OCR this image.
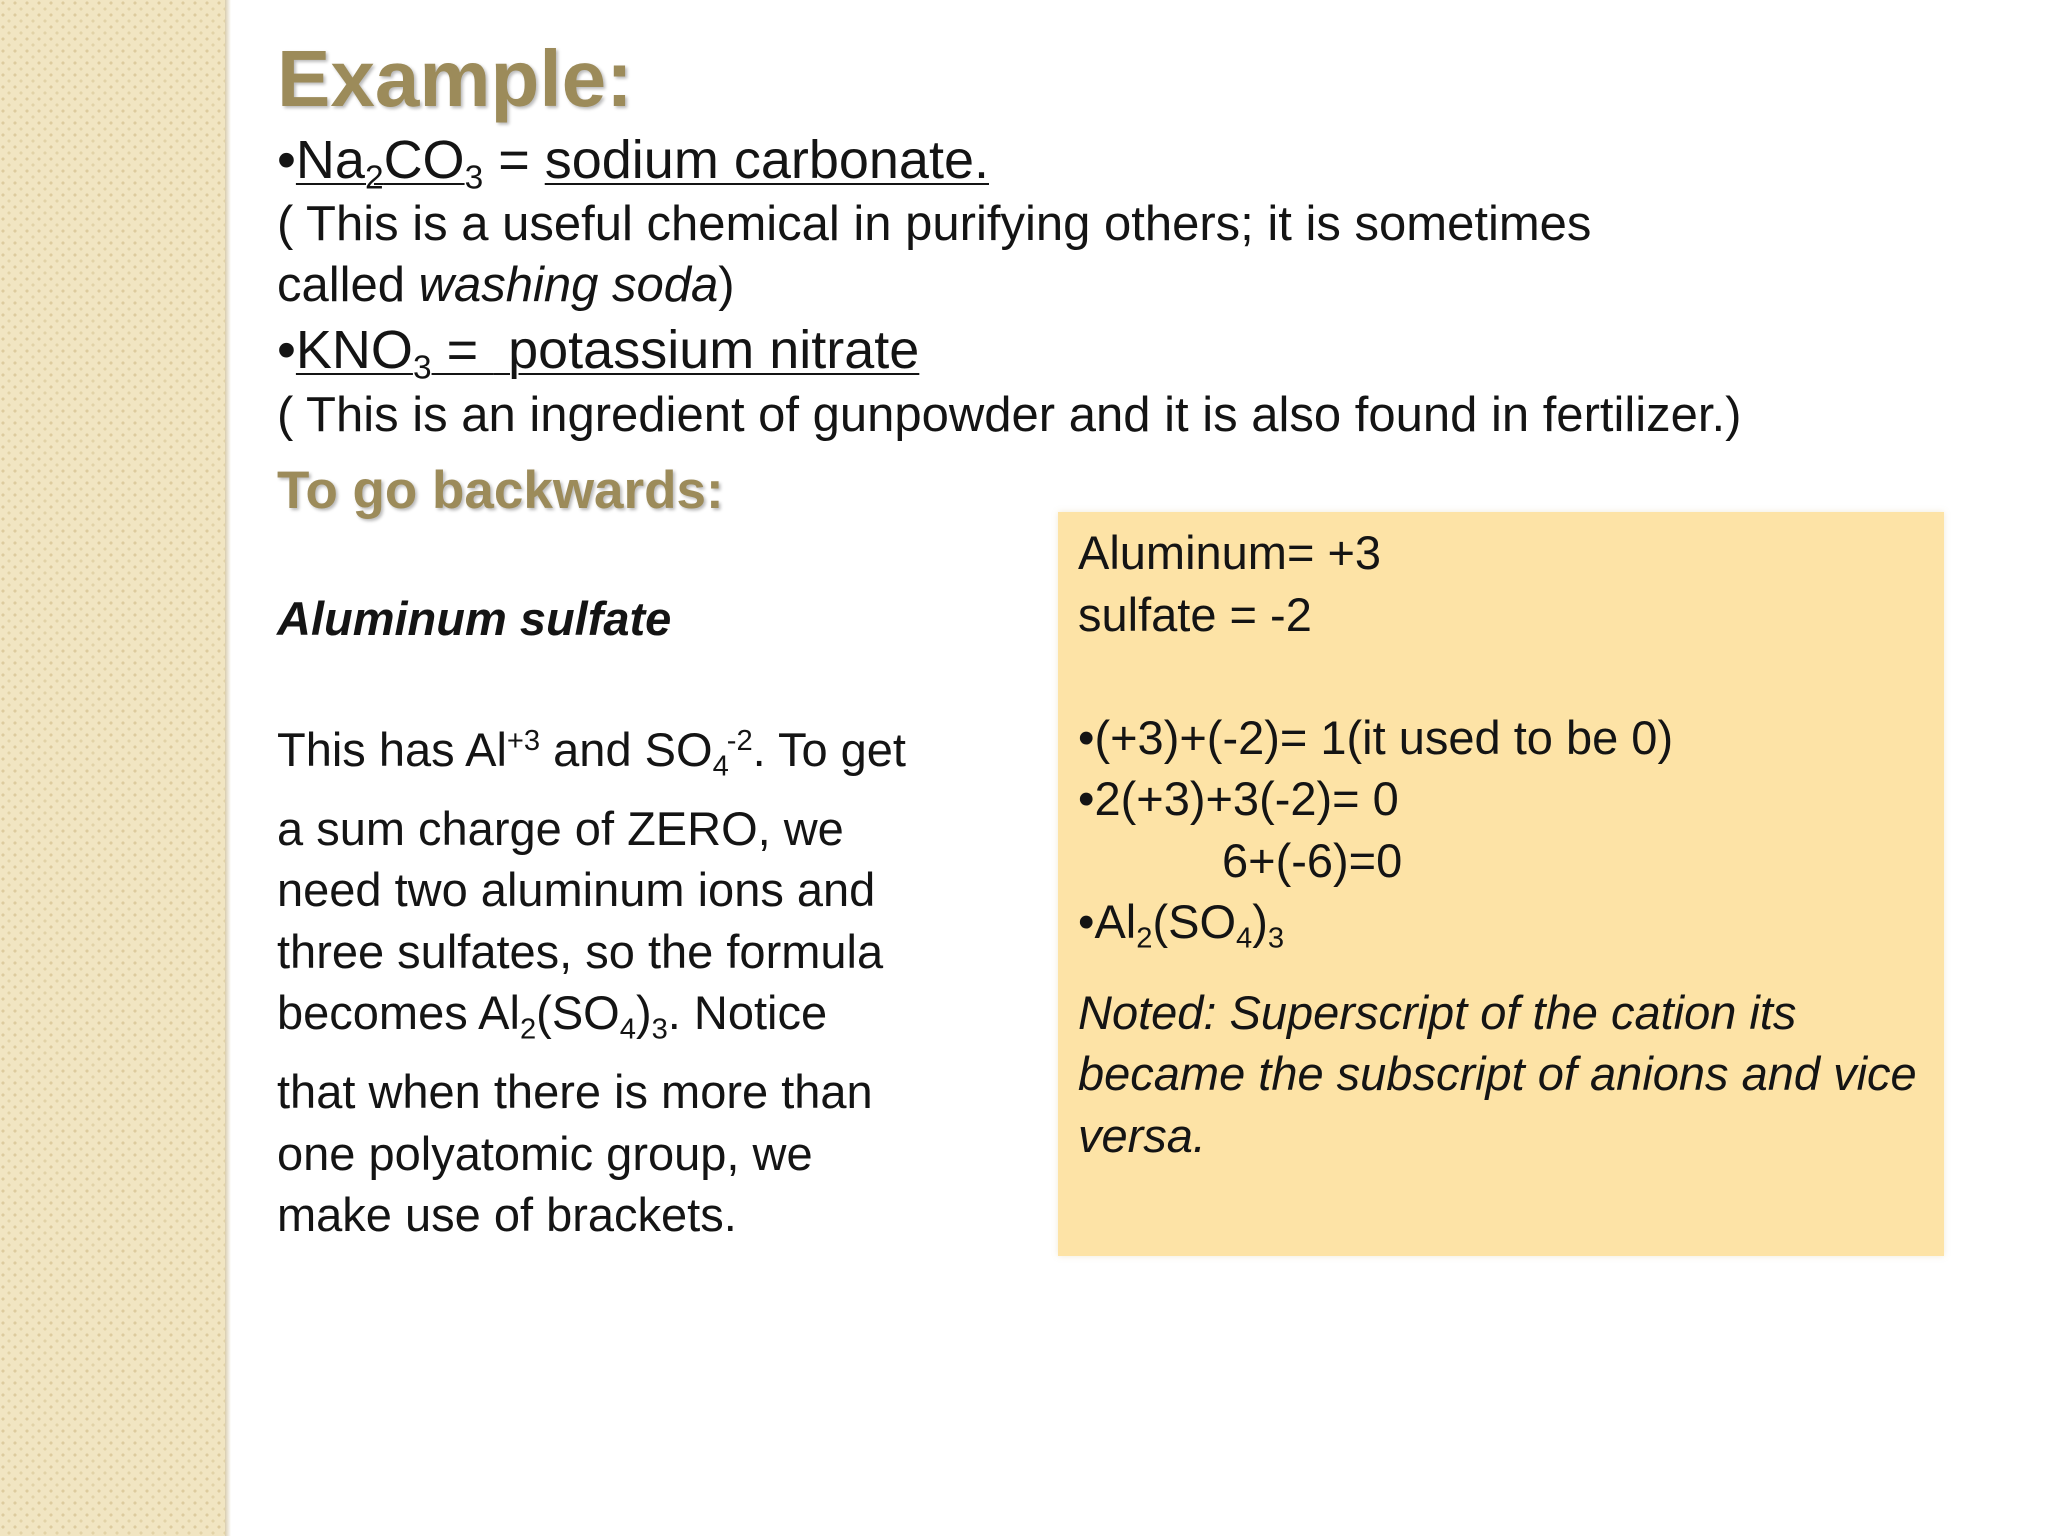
Example:

$•Na_2CO_3$ = sodium carbonate.

( This is a useful chemical in purifying others; it is sometimes

called washing soda)

$•KNO_3$ =  potassium nitrate

( This is an ingredient of gunpowder and it is also found in fertilizer.)

To go backwards:

Aluminum sulfate

This has $Al^{+3}$ and $SO_4^{-2}$. To get a sum charge of ZERO, we need two aluminum ions and three sulfates, so the formula becomes $Al_2(SO_4)_3$. Notice that when there is more than one polyatomic group, we make use of brackets.

Aluminum= +3

sulfate = -2

•(+3)+(-2)= 1(it used to be 0)

•2(+3)+3(-2)= 0

6+(-6)=0

$•Al_2(SO_4)_3$

Noted: Superscript of the cation its became the subscript of anions and vice versa.
